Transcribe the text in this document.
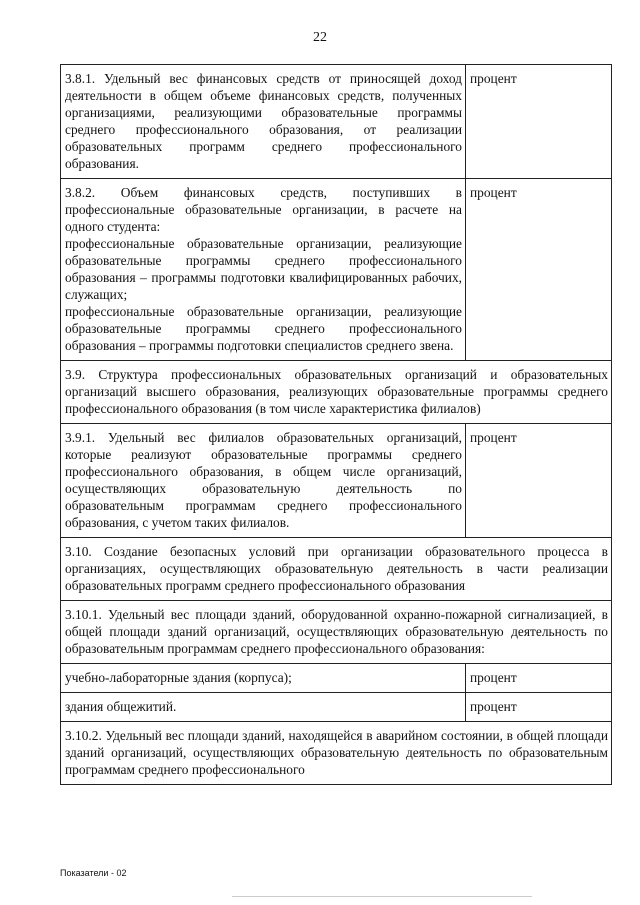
22
3.8.1. Удельный вес финансовых средств от приносящей доход деятельности в общем объеме финансовых средств, полученных организациями, реализующими образовательные программы среднего профессионального образования, от реализации образовательных программ среднего профессионального образования.	процент

3.8.2. Объем финансовых средств, поступивших в профессиональные образовательные организации, в расчете на одного студента:
профессиональные образовательные организации, реализующие образовательные программы среднего профессионального образования – программы подготовки квалифицированных рабочих, служащих;
профессиональные образовательные организации, реализующие образовательные программы среднего профессионального образования – программы подготовки специалистов среднего звена.	процент
3.9. Структура профессиональных образовательных организаций и образовательных организаций высшего образования, реализующих образовательные программы среднего профессионального образования (в том числе характеристика филиалов)	
3.9.1. Удельный вес филиалов образовательных организаций, которые реализуют образовательные программы среднего профессионального образования, в общем числе организаций, осуществляющих образовательную деятельность по образовательным программам среднего профессионального образования, с учетом таких филиалов.	процент
3.10. Создание безопасных условий при организации образовательного процесса в организациях, осуществляющих образовательную деятельность в части реализации образовательных программ среднего профессионального образования	
3.10.1. Удельный вес площади зданий, оборудованной охранно-пожарной сигнализацией, в общей площади зданий организаций, осуществляющих образовательную деятельность по образовательным программам среднего профессионального образования:	
учебно-лабораторные здания (корпуса);	процент
здания общежитий.	процент
3.10.2. Удельный вес площади зданий, находящейся в аварийном состоянии, в общей площади зданий организаций, осуществляющих образовательную деятельность по образовательным программам среднего профессионального	
Показатели - 02
